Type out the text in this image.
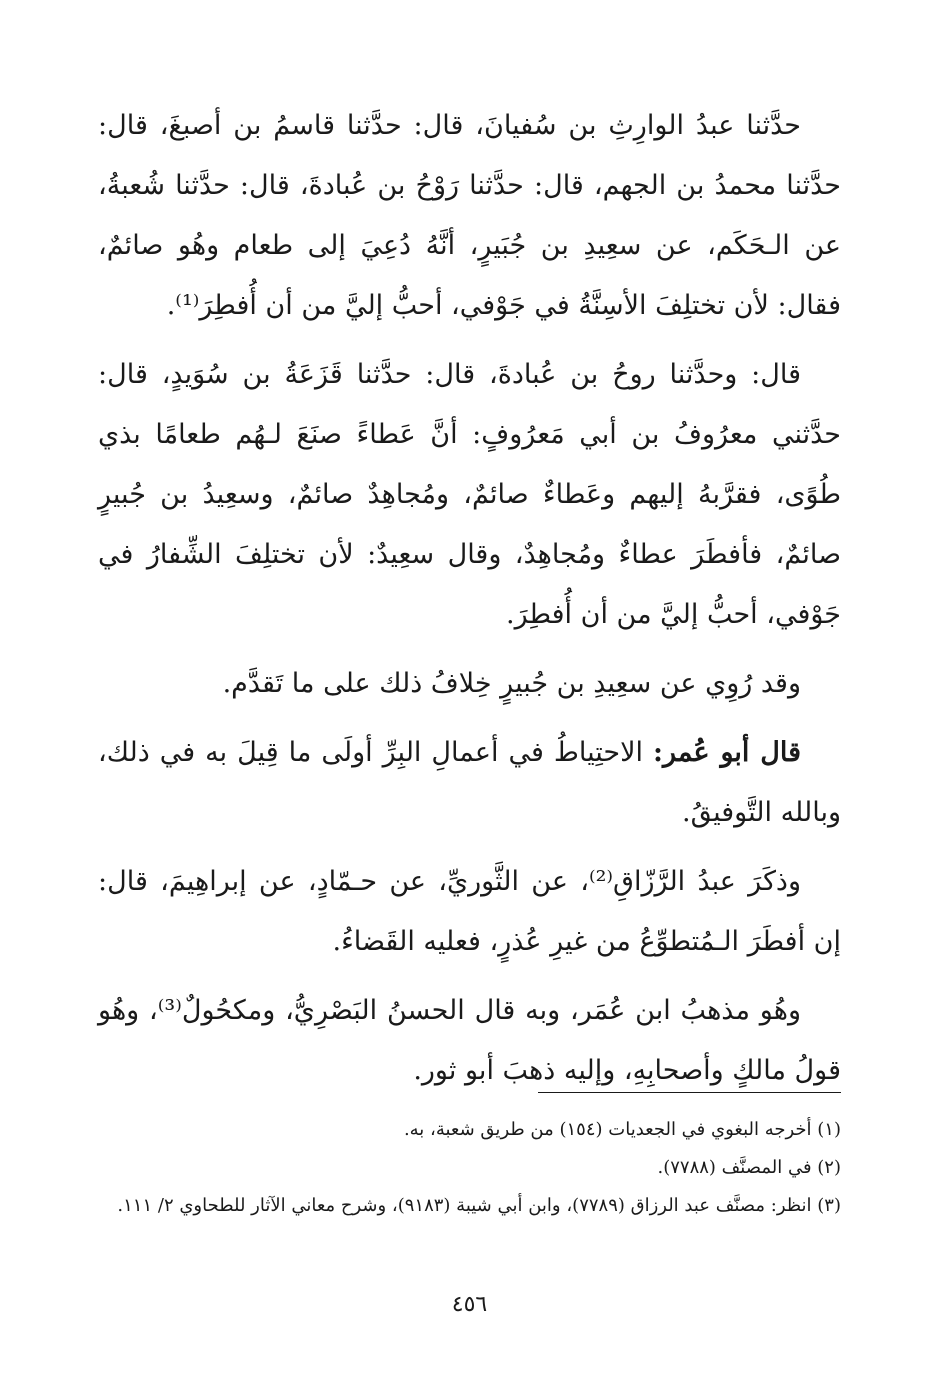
حدَّثنا عبدُ الوارِثِ بن سُفيانَ، قال: حدَّثنا قاسمُ بن أصبغَ، قال: حدَّثنا محمدُ بن الجهم، قال: حدَّثنا رَوْحُ بن عُبادةَ، قال: حدَّثنا شُعبةُ، عن الـحَكَم، عن سعِيدِ بن جُبَيرٍ، أنَّهُ دُعِيَ إلى طعام وهُو صائمٌ، فقال: لأن تختلِفَ الأسِنَّةُ في جَوْفي، أحبُّ إليَّ من أن أُفطِرَ⁽¹⁾.

قال: وحدَّثنا روحُ بن عُبادةَ، قال: حدَّثنا قَزَعَةُ بن سُوَيدٍ، قال: حدَّثني معرُوفُ بن أبي مَعرُوفٍ: أنَّ عَطاءً صنَعَ لـهُم طعامًا بذي طُوًى، فقرَّبهُ إليهم وعَطاءٌ صائمٌ، ومُجاهِدٌ صائمٌ، وسعِيدُ بن جُبيرٍ صائمٌ، فأفطَرَ عطاءٌ ومُجاهِدٌ، وقال سعِيدٌ: لأن تختلِفَ الشِّفارُ في جَوْفي، أحبُّ إليَّ من أن أُفطِرَ.

وقد رُوِي عن سعِيدِ بن جُبيرٍ خِلافُ ذلك على ما تَقدَّم.

قال أبو عُمر: الاحتِياطُ في أعمالِ البِرِّ أولَى ما قِيلَ به في ذلك، وبالله التَّوفيقُ.

وذكَرَ عبدُ الرَّزّاقِ⁽²⁾، عن الثَّوريِّ، عن حـمّادٍ، عن إبراهِيمَ، قال: إن أفطَرَ الـمُتطوِّعُ من غيرِ عُذرٍ، فعليه القَضاءُ.

وهُو مذهبُ ابن عُمَر، وبه قال الحسنُ البَصْرِيُّ، ومكحُولٌ⁽³⁾، وهُو قولُ مالكٍ وأصحابِهِ، وإليه ذهبَ أبو ثور.

(١) أخرجه البغوي في الجعديات (١٥٤) من طريق شعبة، به.

(٢) في المصنَّف (٧٧٨٨).

(٣) انظر: مصنَّف عبد الرزاق (٧٧٨٩)، وابن أبي شيبة (٩١٨٣)، وشرح معاني الآثار للطحاوي ٢/ ١١١.

٤٥٦
